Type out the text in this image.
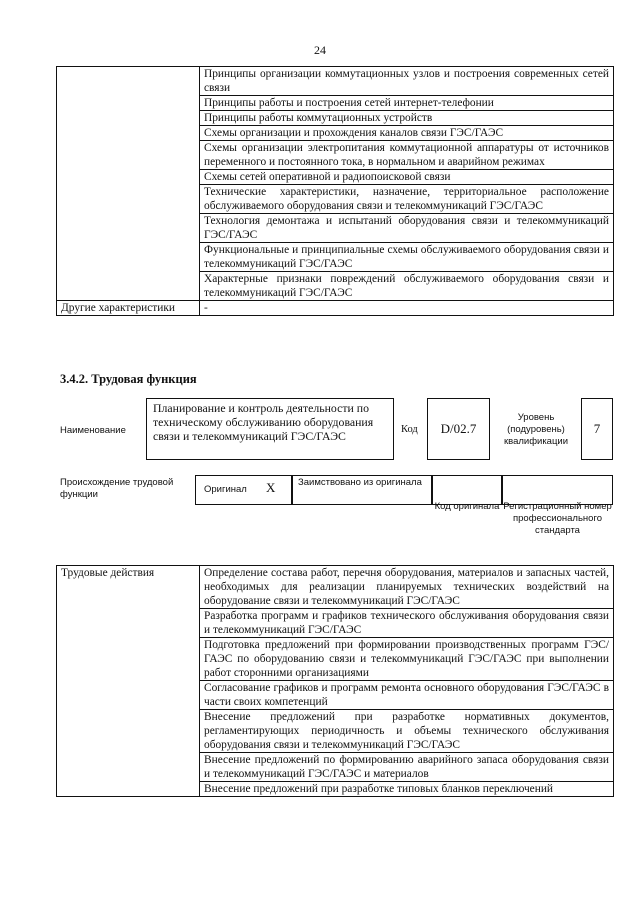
24
	Принципы организации коммутационных узлов и построения современных сетей связи
	Принципы работы и построения сетей интернет-телефонии
	Принципы работы коммутационных устройств
	Схемы организации и прохождения каналов связи ГЭС/ГАЭС
	Схемы организации электропитания коммутационной аппаратуры от источников переменного и постоянного тока, в нормальном и аварийном режимах
	Схемы сетей оперативной и радиопоисковой связи
	Технические характеристики, назначение, территориальное расположение обслуживаемого оборудования связи и телекоммуникаций ГЭС/ГАЭС
	Технология демонтажа и испытаний оборудования связи и телекоммуникаций ГЭС/ГАЭС
	Функциональные и принципиальные схемы обслуживаемого оборудования связи и телекоммуникаций ГЭС/ГАЭС
	Характерные признаки повреждений обслуживаемого оборудования связи и телекоммуникаций ГЭС/ГАЭС
Другие характеристики	-
3.4.2. Трудовая функция
Наименование
Планирование и контроль деятельности по техническому обслуживанию оборудования связи и телекоммуникаций ГЭС/ГАЭС	Код	D/02.7
Уровень (подуровень) квалификации
7
Происхождение трудовой функции	Оригинал X	Заимствовано из оригинала
Код оригинала Регистрационный номер профессионального стандарта
Трудовые действия	Определение состава работ, перечня оборудования, материалов и запасных частей, необходимых для реализации планируемых технических воздействий на оборудование связи и телекоммуникаций ГЭС/ГАЭС
Разработка программ и графиков технического обслуживания оборудования связи и телекоммуникаций ГЭС/ГАЭС
Подготовка предложений при формировании производственных программ ГЭС/ГАЭС по оборудованию связи и телекоммуникаций ГЭС/ГАЭС при выполнении работ сторонними организациями
Согласование графиков и программ ремонта основного оборудования ГЭС/ГАЭС в части своих компетенций
Внесение предложений при разработке нормативных документов, регламентирующих периодичность и объемы технического обслуживания оборудования связи и телекоммуникаций ГЭС/ГАЭС
Внесение предложений по формированию аварийного запаса оборудования связи и телекоммуникаций ГЭС/ГАЭС и материалов
Внесение предложений при разработке типовых бланков переключений
